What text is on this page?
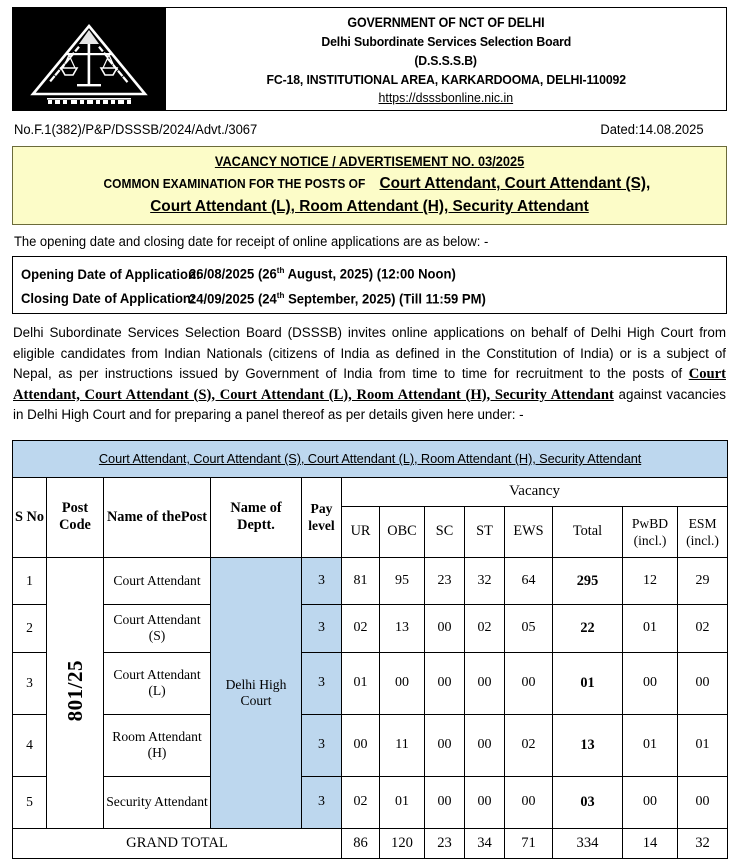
GOVERNMENT OF NCT OF DELHI
Delhi Subordinate Services Selection Board
(D.S.S.S.B)
FC-18, INSTITUTIONAL AREA, KARKARDOOMA, DELHI-110092
https://dsssbonline.nic.in
No.F.1(382)/P&P/DSSSB/2024/Advt./3067	Dated:14.08.2025
VACANCY NOTICE / ADVERTISEMENT NO. 03/2025
COMMON EXAMINATION FOR THE POSTS OF Court Attendant, Court Attendant (S),
Court Attendant (L), Room Attendant (H), Security Attendant
The opening date and closing date for receipt of online applications are as below: -
Opening Date of Application:26/08/2025 (26th August, 2025) (12:00 Noon)
Closing Date of Application:24/09/2025 (24th September, 2025) (Till 11:59 PM)

Delhi Subordinate Services Selection Board (DSSSB) invites online applications on behalf of Delhi High Court from eligible candidates from Indian Nationals (citizens of India as defined in the Constitution of India) or is a subject of Nepal, as per instructions issued by Government of India from time to time for recruitment to the posts of Court Attendant, Court Attendant (S), Court Attendant (L), Room Attendant (H), Security Attendant against vacancies in Delhi High Court and for preparing a panel thereof as per details given here under: -

Court Attendant, Court Attendant (S), Court Attendant (L), Room Attendant (H), Security Attendant												
S No	Post Code	Name of thePost	Name of Deptt.	Pay level	Vacancy							
					UR	OBC	SC	ST	EWS	Total	PwBD (incl.)	ESM (incl.)
1	801/25	Court Attendant	Delhi High Court	3	81	95	23	32	64	295	12	29
2		Court Attendant (S)		3	02	13	00	02	05	22	01	02
3		Court Attendant (L)		3	01	00	00	00	00	01	00	00
4		Room Attendant (H)		3	00	11	00	00	02	13	01	01
5		Security Attendant		3	02	01	00	00	00	03	00	00
GRAND TOTAL					86	120	23	34	71	334	14	32
